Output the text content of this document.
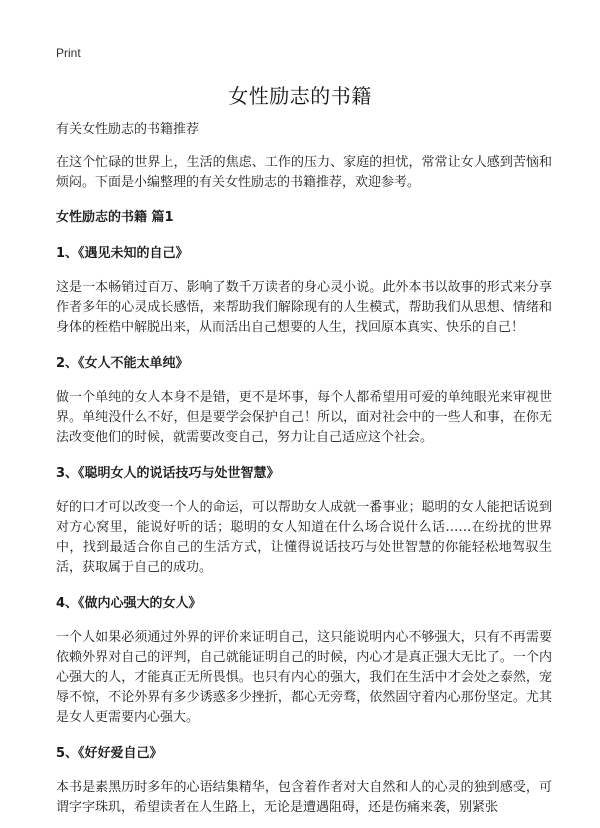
Print
女性励志的书籍

有关女性励志的书籍推荐

在这个忙碌的世界上，生活的焦虑、工作的压力、家庭的担忧，常常让女人感到苦恼和烦闷。下面是小编整理的有关女性励志的书籍推荐，欢迎参考。

女性励志的书籍 篇1

1、《遇见未知的自己》

这是一本畅销过百万、影响了数千万读者的身心灵小说。此外本书以故事的形式来分享作者多年的心灵成长感悟，来帮助我们解除现有的人生模式，帮助我们从思想、情绪和身体的桎梏中解脱出来，从而活出自己想要的人生，找回原本真实、快乐的自己！

2、《女人不能太单纯》

做一个单纯的女人本身不是错，更不是坏事，每个人都希望用可爱的单纯眼光来审视世界。单纯没什么不好，但是要学会保护自己！所以，面对社会中的一些人和事，在你无法改变他们的时候，就需要改变自己，努力让自己适应这个社会。

3、《聪明女人的说话技巧与处世智慧》

好的口才可以改变一个人的命运，可以帮助女人成就一番事业；聪明的女人能把话说到对方心窝里，能说好听的话；聪明的女人知道在什么场合说什么话……在纷扰的世界中，找到最适合你自己的生活方式，让懂得说话技巧与处世智慧的你能轻松地驾驭生活，获取属于自己的成功。

4、《做内心强大的女人》

一个人如果必须通过外界的评价来证明自己，这只能说明内心不够强大，只有不再需要依赖外界对自己的评判，自己就能证明自己的时候，内心才是真正强大无比了。一个内心强大的人，才能真正无所畏惧。也只有内心的强大，我们在生活中才会处之泰然，宠辱不惊，不论外界有多少诱惑多少挫折，都心无旁骛，依然固守着内心那份坚定。尤其是女人更需要内心强大。

5、《好好爱自己》

本书是素黑历时多年的心语结集精华，包含着作者对大自然和人的心灵的独到感受，可谓字字珠玑，希望读者在人生路上，无论是遭遇阻碍，还是伤痛来袭，别紧张
